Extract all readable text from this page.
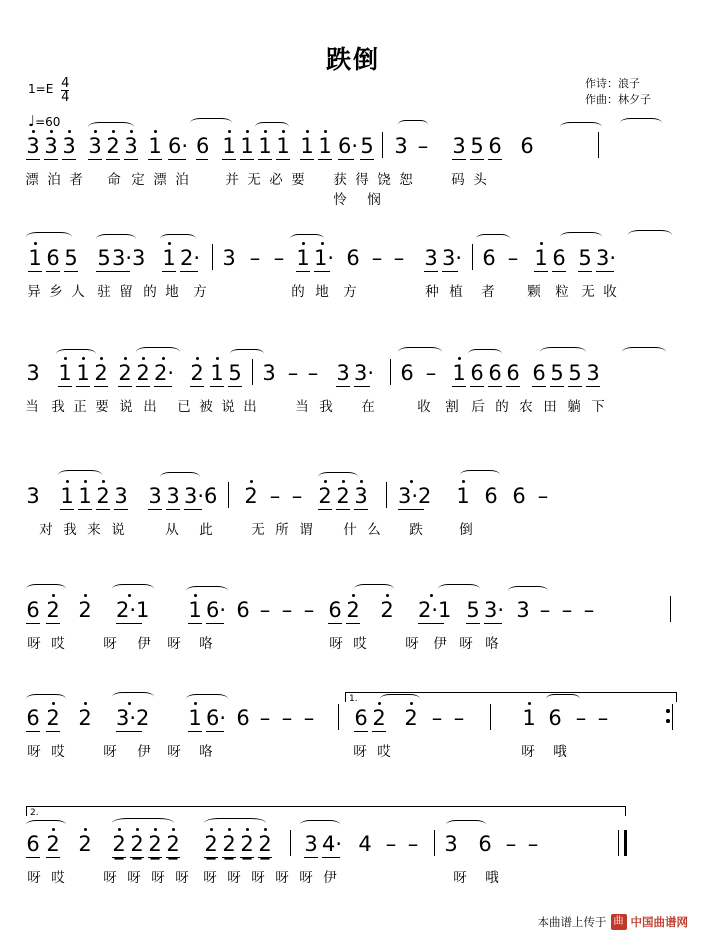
跌倒
作诗：浪子
作曲：林夕子
$1=E \frac{4}{4}$
♩=60
3 3 3 3 2 3 1 6· 6 1 1 1 1 1 1 6· 5 3 – 3 5 6 6
漂 泊 者 命 定 漂 泊	并 无 必 要 获 得 饶 恕	码 头
怜 悯
1 6 5 5 3·3 1 2· 3 – – 1 1· 6 – – 3 3· 6 – 1 6 5 3·
异 乡 人 驻 留 的 地 方	的 地 方	种 植 者 颗 粒 无 收
3 1 1 2 2 2 2· 2 1 5 3 – – 3 3· 6 – 1 6 6 6 6 5 5 3
当 我 正 要 说 出 已 被 说 出	当 我 在	收 割 后 的 农 田 躺 下
3 1 1 2 3 3 3 3·6 2 – – 2 2 3 3·2 1 6 6 –
对 我 来 说	从 此	无 所 谓 什 么 跌	倒
6 2 2 2·1 1 6· 6 – – – 6 2 2 2·1 5 3· 3 – – –
呀 哎	呀 伊 呀 咯	呀 哎	呀 伊 呀 咯
1.
6 2 2 3·2 1 6· 6 – – – 6 2 2 – –	1 6 – –
呀 哎	呀 伊 呀 咯	呀 哎	呀 哦
2.
6 2 2 2 2 2 2 2 2 2 2 3 4· 4 – – 3 6 – –
呀 哎	呀 呀 呀 呀 呀 呀 呀 呀 呀 伊	呀 哦
本曲谱上传于 曲 中国曲谱网
